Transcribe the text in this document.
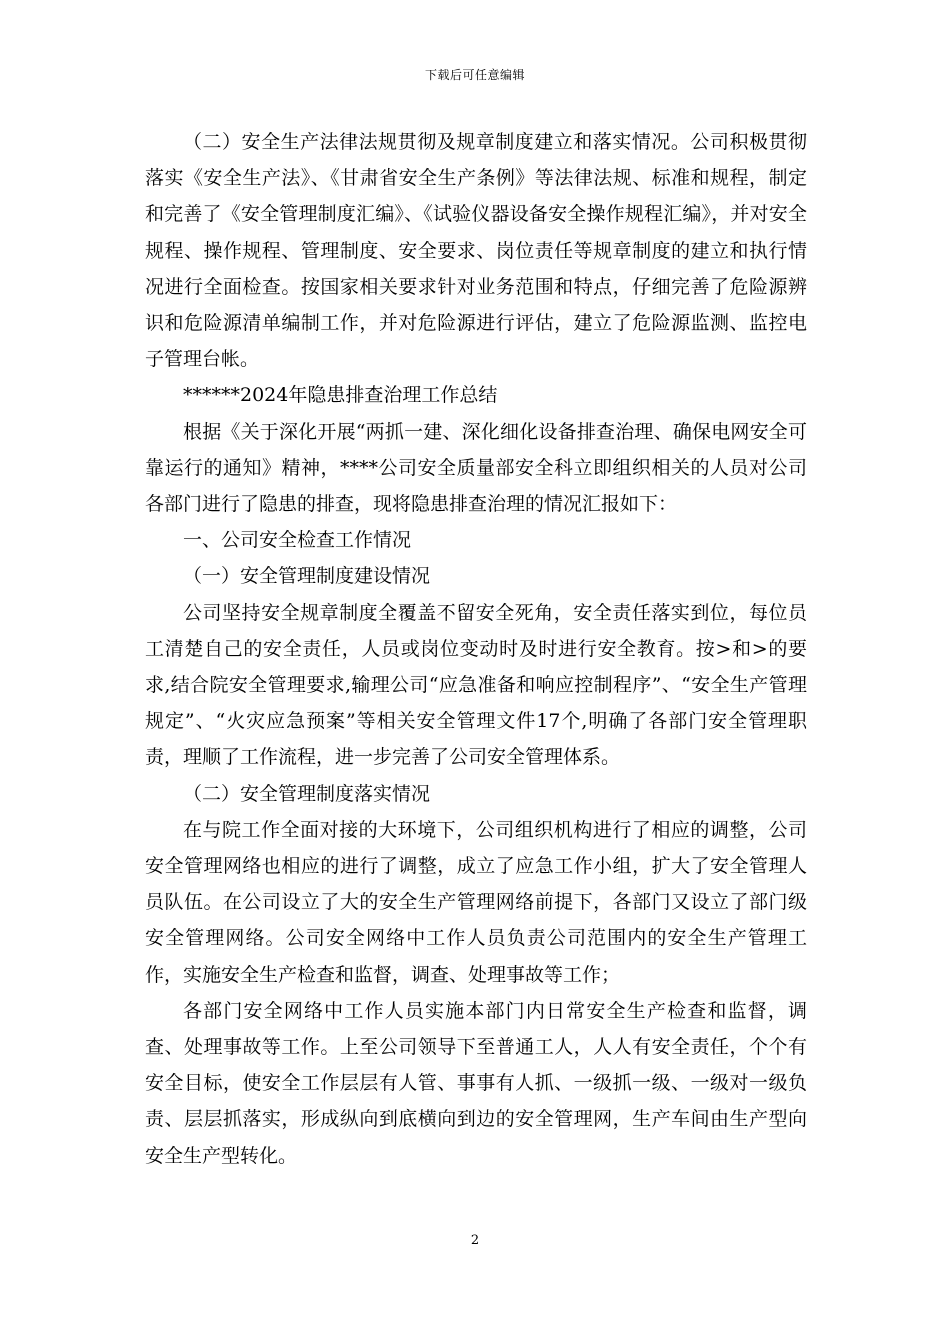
下载后可任意编辑

（二）安全生产法律法规贯彻及规章制度建立和落实情况。公司积极贯彻落实《安全生产法》、《甘肃省安全生产条例》等法律法规、标准和规程，制定和完善了《安全管理制度汇编》、《试验仪器设备安全操作规程汇编》，并对安全规程、操作规程、管理制度、安全要求、岗位责任等规章制度的建立和执行情况进行全面检查。按国家相关要求针对业务范围和特点，仔细完善了危险源辨识和危险源清单编制工作，并对危险源进行评估，建立了危险源监测、监控电子管理台帐。

******2024年隐患排查治理工作总结

根据《关于深化开展“两抓一建、深化细化设备排查治理、确保电网安全可靠运行的通知》精神，****公司安全质量部安全科立即组织相关的人员对公司各部门进行了隐患的排查，现将隐患排查治理的情况汇报如下：

一、公司安全检查工作情况

（一）安全管理制度建设情况

公司坚持安全规章制度全覆盖不留安全死角，安全责任落实到位，每位员工清楚自己的安全责任，人员或岗位变动时及时进行安全教育。按>和>的要求,结合院安全管理要求,输理公司“应急准备和响应控制程序”、“安全生产管理规定”、“火灾应急预案”等相关安全管理文件17个,明确了各部门安全管理职责，理顺了工作流程，进一步完善了公司安全管理体系。

（二）安全管理制度落实情况

在与院工作全面对接的大环境下，公司组织机构进行了相应的调整，公司安全管理网络也相应的进行了调整，成立了应急工作小组，扩大了安全管理人员队伍。在公司设立了大的安全生产管理网络前提下，各部门又设立了部门级安全管理网络。公司安全网络中工作人员负责公司范围内的安全生产管理工作，实施安全生产检查和监督，调查、处理事故等工作；

各部门安全网络中工作人员实施本部门内日常安全生产检查和监督，调查、处理事故等工作。上至公司领导下至普通工人，人人有安全责任，个个有安全目标，使安全工作层层有人管、事事有人抓、一级抓一级、一级对一级负责、层层抓落实，形成纵向到底横向到边的安全管理网，生产车间由生产型向安全生产型转化。

2
